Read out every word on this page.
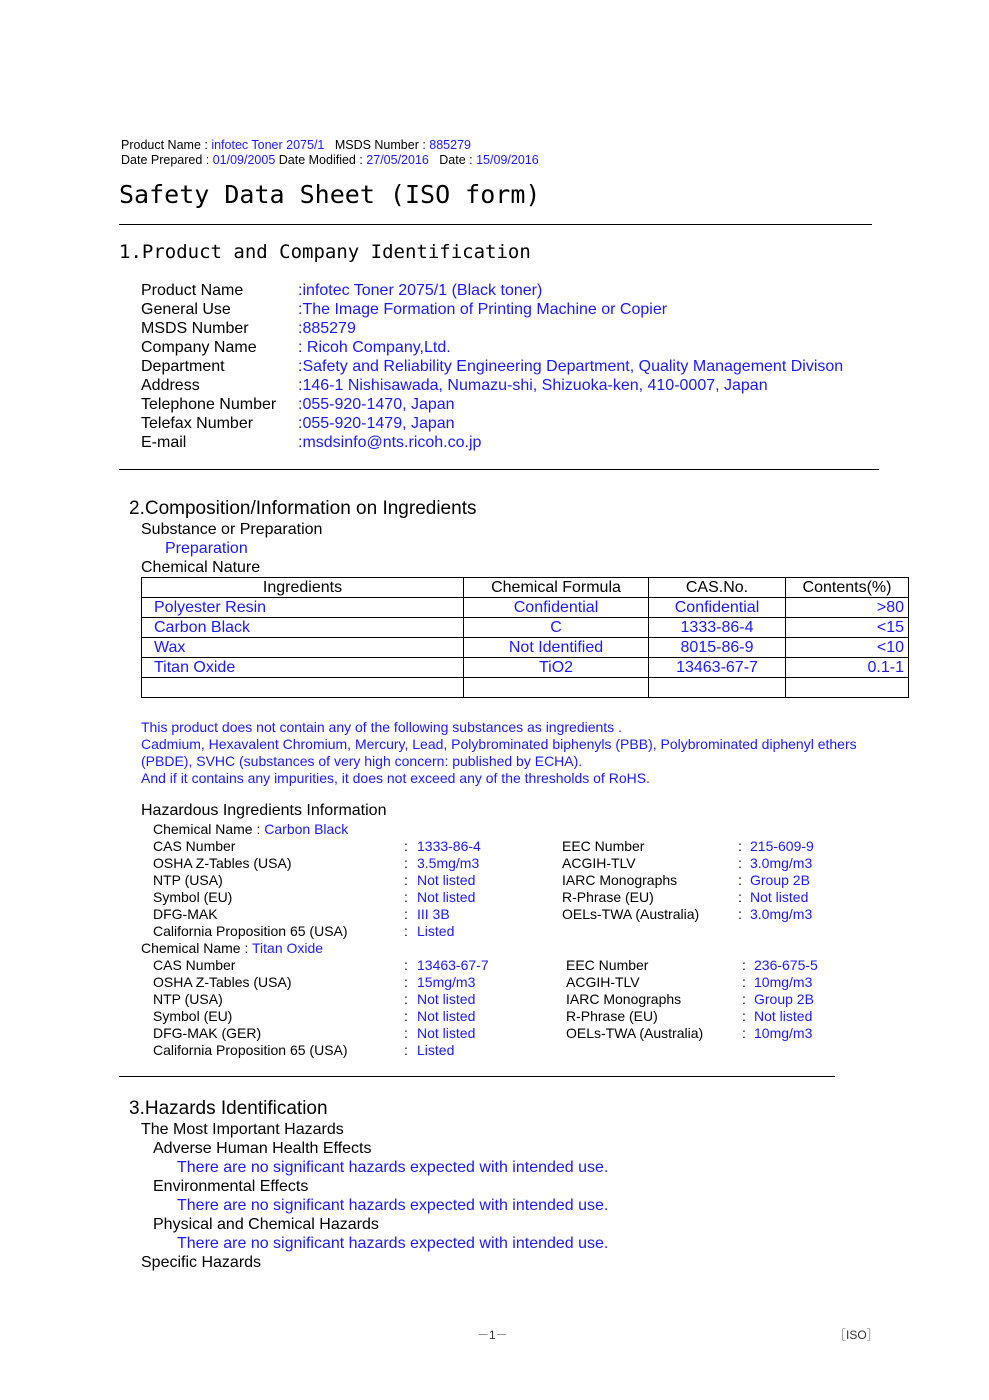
Product Name : infotec Toner 2075/1 MSDS Number : 885279
Date Prepared : 01/09/2005 Date Modified : 27/05/2016 Date : 15/09/2016
Safety Data Sheet (ISO form)
1.Product and Company Identification
Product Name	:infotec Toner 2075/1 (Black toner)
General Use	:The Image Formation of Printing Machine or Copier
MSDS Number	:885279
Company Name	: Ricoh Company,Ltd.
Department	:Safety and Reliability Engineering Department, Quality Management Divison
Address	:146-1 Nishisawada, Numazu-shi, Shizuoka-ken, 410-0007, Japan
Telephone Number :055-920-1470, Japan
Telefax Number	:055-920-1479, Japan
E-mail	:msdsinfo@nts.ricoh.co.jp
2.Composition/Information on Ingredients
Substance or Preparation
Preparation
Chemical Nature
Ingredients	Chemical Formula	CAS.No.	Contents(%)
Polyester Resin	Confidential	Confidential	>80
Carbon Black	C	1333-86-4	<15
Wax	Not Identified	8015-86-9	<10
Titan Oxide	TiO2	13463-67-7	0.1-1

This product does not contain any of the following substances as ingredients .
Cadmium, Hexavalent Chromium, Mercury, Lead, Polybrominated biphenyls (PBB), Polybrominated diphenyl ethers
(PBDE), SVHC (substances of very high concern: published by ECHA).
And if it contains any impurities, it does not exceed any of the thresholds of RoHS.
Hazardous Ingredients Information
Chemical Name : Carbon Black
CAS Number	: 1333-86-4
OSHA Z-Tables (USA)	: 3.5mg/m3
NTP (USA)	: Not listed
Symbol (EU)	: Not listed
DFG-MAK	: III 3B
California Proposition 65 (USA)	: Listed
EEC Number	: 215-609-9
ACGIH-TLV	: 3.0mg/m3
IARC Monographs	: Group 2B
R-Phrase (EU)	: Not listed
OELs-TWA (Australia)	: 3.0mg/m3
Chemical Name : Titan Oxide
CAS Number	: 13463-67-7
OSHA Z-Tables (USA)	: 15mg/m3
NTP (USA)	: Not listed
Symbol (EU)	: Not listed
DFG-MAK (GER)	: Not listed
California Proposition 65 (USA)	: Listed
EEC Number	: 236-675-5
ACGIH-TLV	: 10mg/m3
IARC Monographs	: Group 2B
R-Phrase (EU)	: Not listed
OELs-TWA (Australia)	: 10mg/m3
3.Hazards Identification
The Most Important Hazards
Adverse Human Health Effects
There are no significant hazards expected with intended use.
Environmental Effects
There are no significant hazards expected with intended use.
Physical and Chemical Hazards
There are no significant hazards expected with intended use.
Specific Hazards
－1－	［ISO］
